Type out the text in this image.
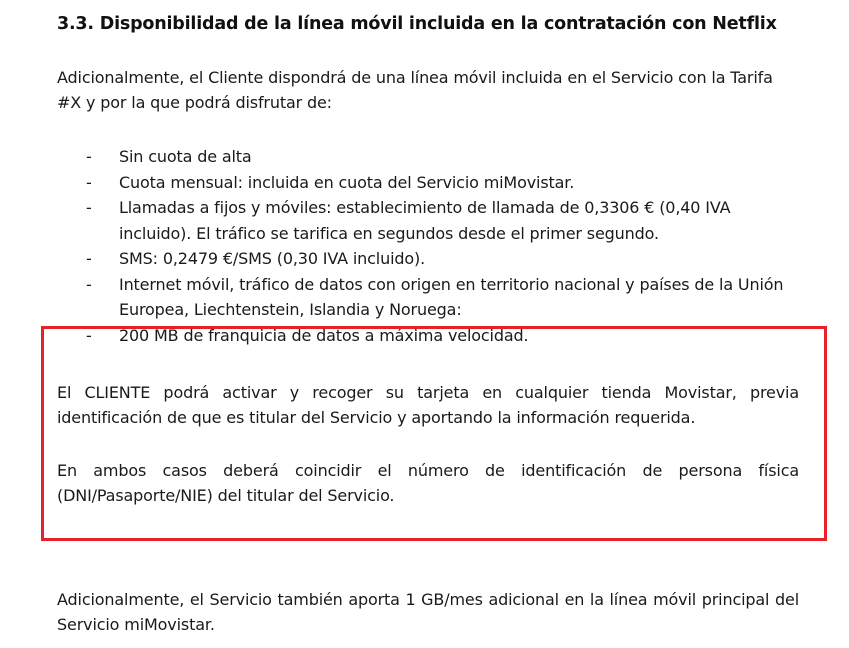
3.3. Disponibilidad de la línea móvil incluida en la contratación con Netflix
Adicionalmente, el Cliente dispondrá de una línea móvil incluida en el Servicio con la Tarifa #X y por la que podrá disfrutar de:
- Sin cuota de alta
- Cuota mensual: incluida en cuota del Servicio miMovistar.
- Llamadas a fijos y móviles: establecimiento de llamada de 0,3306 € (0,40 IVA incluido). El tráfico se tarifica en segundos desde el primer segundo.
- SMS: 0,2479 €/SMS (0,30 IVA incluido).
- Internet móvil, tráfico de datos con origen en territorio nacional y países de la Unión Europea, Liechtenstein, Islandia y Noruega:
- 200 MB de franquicia de datos a máxima velocidad.
El CLIENTE podrá activar y recoger su tarjeta en cualquier tienda Movistar, previa identificación de que es titular del Servicio y aportando la información requerida.
En ambos casos deberá coincidir el número de identificación de persona física (DNI/Pasaporte/NIE) del titular del Servicio.
Adicionalmente, el Servicio también aporta 1 GB/mes adicional en la línea móvil principal del Servicio miMovistar.
